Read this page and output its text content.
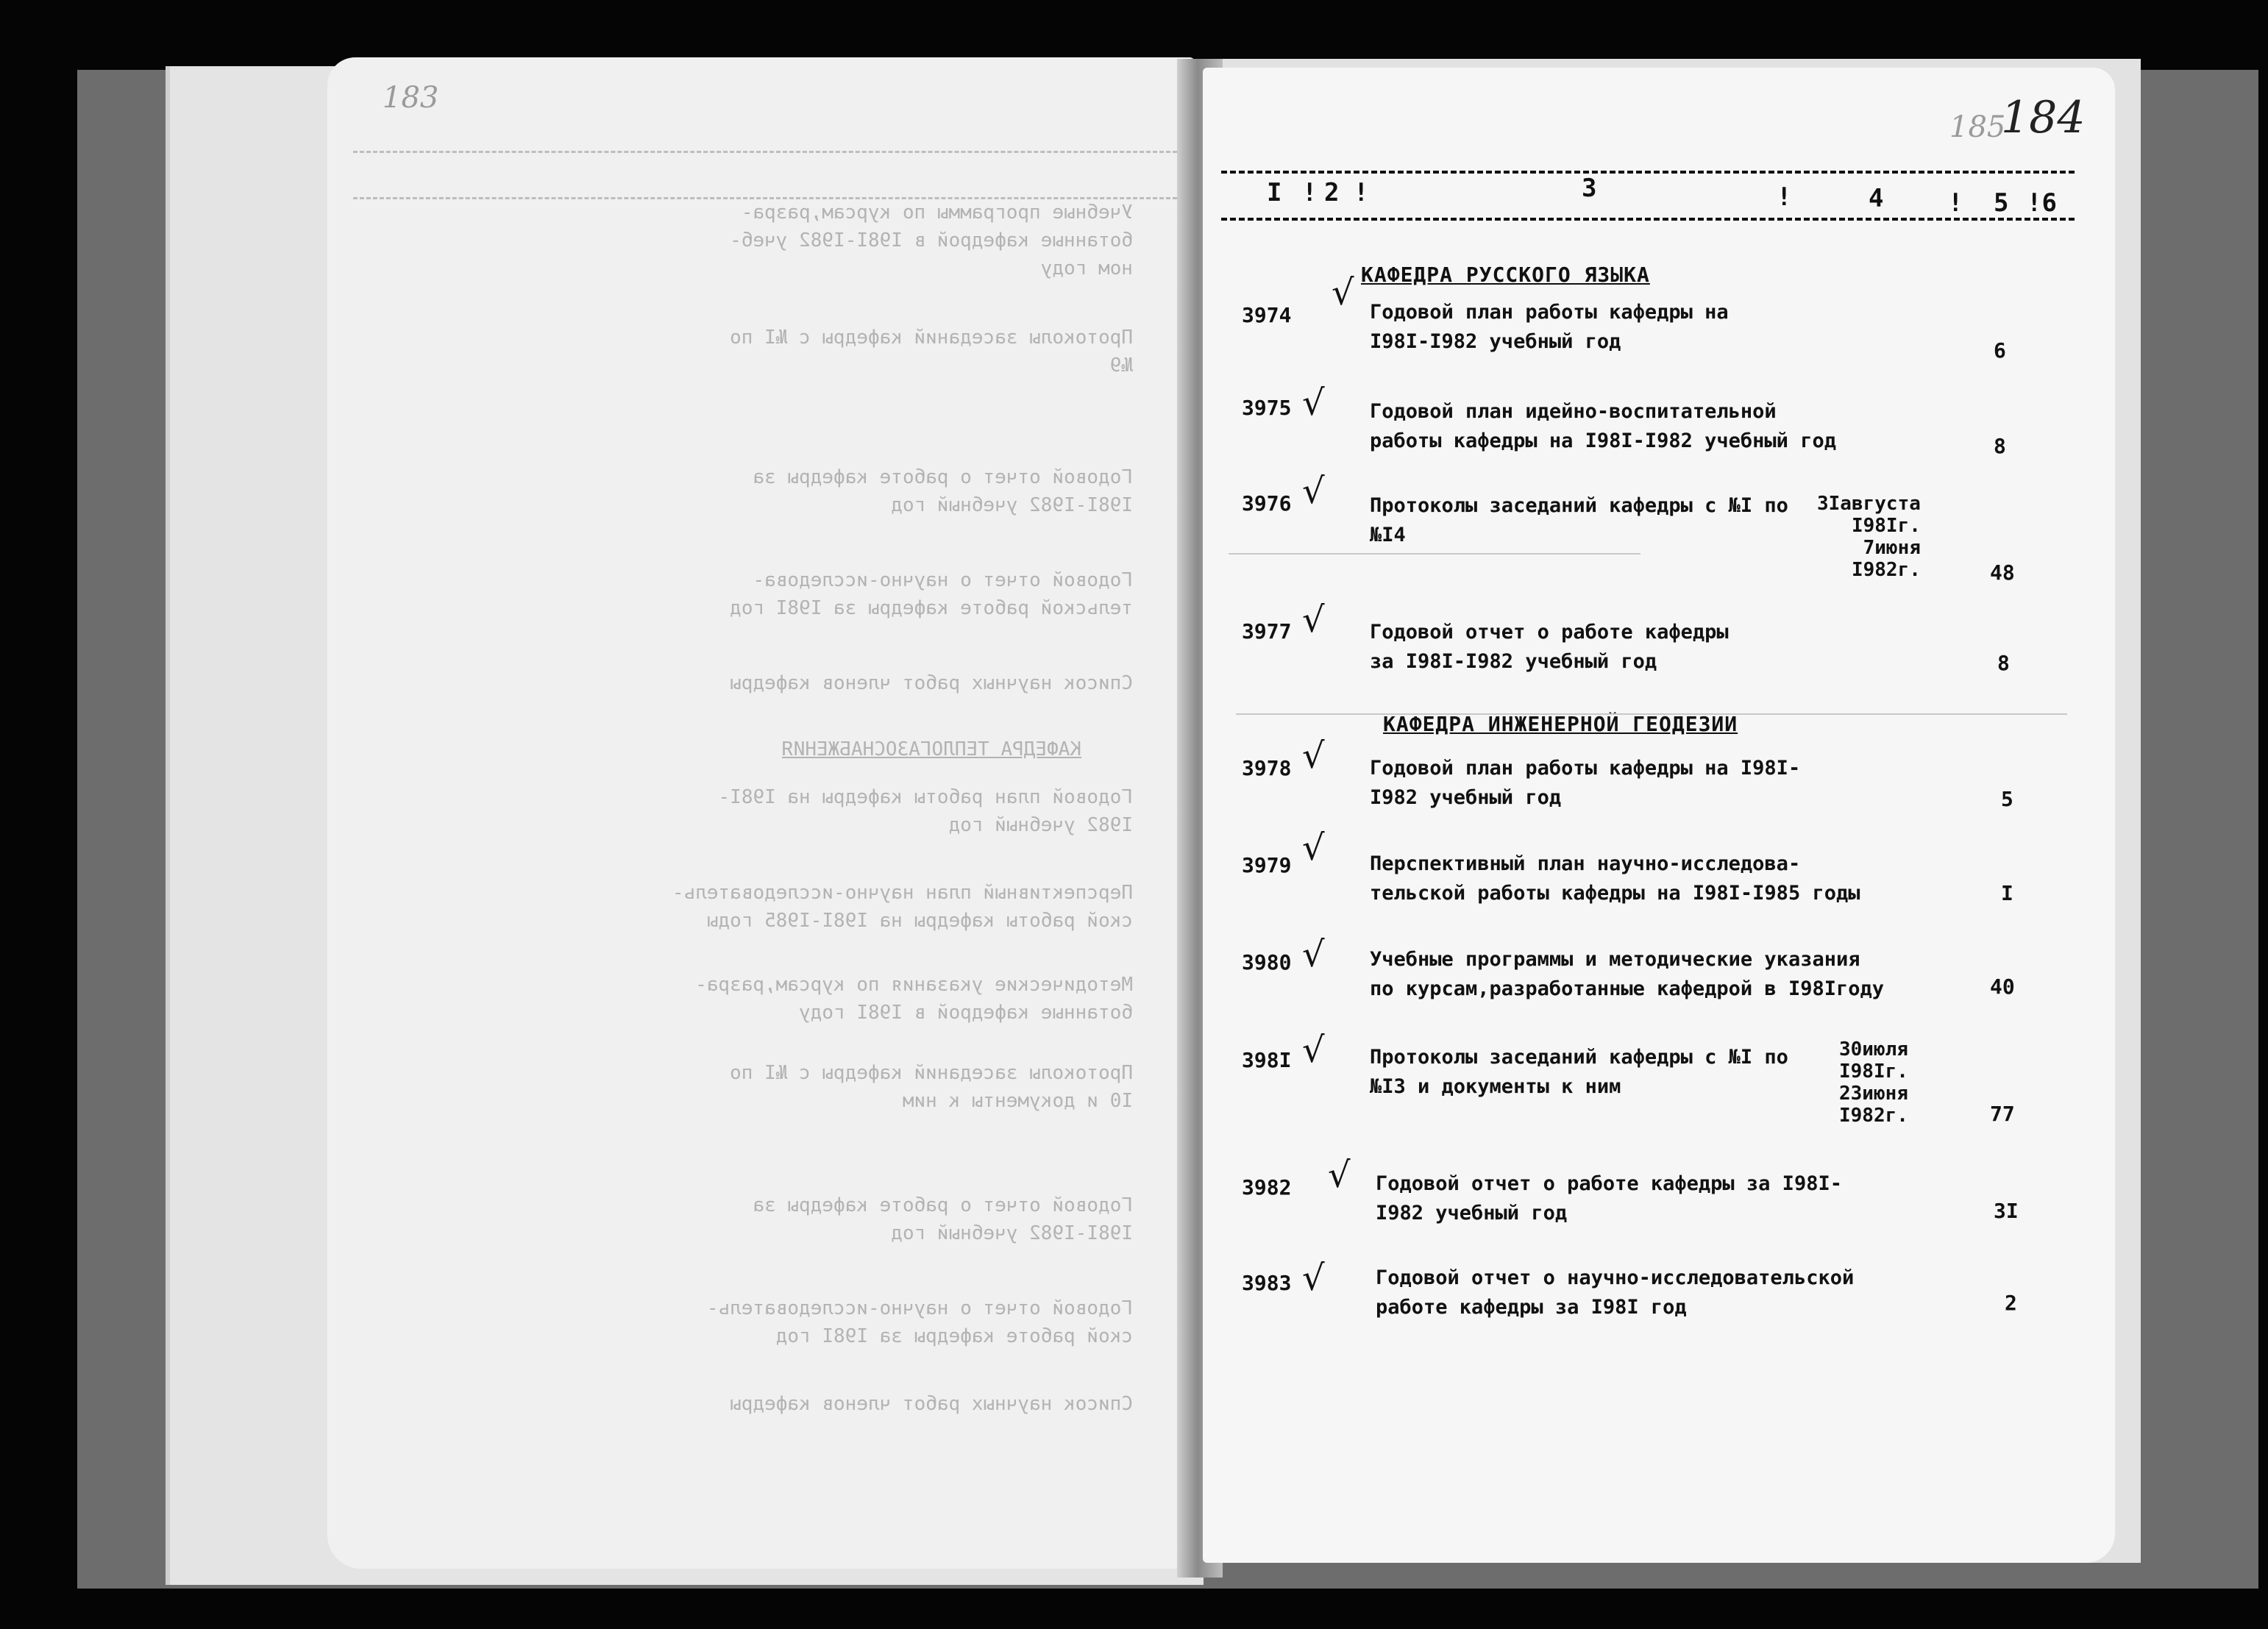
183
Учебные программы по курсам,разра-
ботанные кафедрой в I98I-I982 учеб-
ном году
Протоколы заседаний кафедры с №I по
№9
Годовой отчет о работе кафедры за
I98I-I982 учебный год
Годовой отчет о научно-исследова-
тельской работе кафедры за I98I год
Список научных работ членов кафедры
КАФЕДРА ТЕПЛОГАЗОСНАБЖЕНИЯ
Годовой план работы кафедры на I98I-
I982 учебный год
Перспективный план научно-исследователь-
ской работы кафедры на I98I-I985 годы
Методические указания по курсам,разра-
ботанные кафедрой в I98I году
Протоколы заседаний кафедры с №I по
I0 и документы к ним
Годовой отчет о работе кафедры за
I98I-I982 учебный год
Годовой отчет о научно-исследователь-
ской работе кафедры за I98I год
Список научных работ членов кафедры
185
184
I ! 2 !	3	!	4	! 5 !6
КАФЕДРА РУССКОГО ЯЗЫКА
3974
√ Годовой план работы кафедры на
I98I-I982 учебный год	6
3975 √ Годовой план идейно-воспитательной
работы кафедры на I98I-I982 учебный год	8
3976 √ Протоколы заседаний кафедры с №I по
№I4
3Iавгуста
I98Iг.
7июня
I982г.	48
3977 √ Годовой отчет о работе кафедры
за I98I-I982 учебный год	8
КАФЕДРА ИНЖЕНЕРНОЙ ГЕОДЕЗИИ
3978 √ Годовой план работы кафедры на I98I-
I982 учебный год	5
3979 √ Перспективный план научно-исследова-
тельской работы кафедры на I98I-I985 годы	I
3980 √ Учебные программы и методические указания
по курсам,разработанные кафедрой в I98Iгоду	40
398I √ Протоколы заседаний кафедры с №I по
№I3 и документы к ним
30июля
I98Iг.
23июня
I982г.	77
3982 √ Годовой отчет о работе кафедры за I98I-
I982 учебный год	3I
3983 √	Годовой отчет о научно-исследовательской
работе кафедры за I98I год	2
